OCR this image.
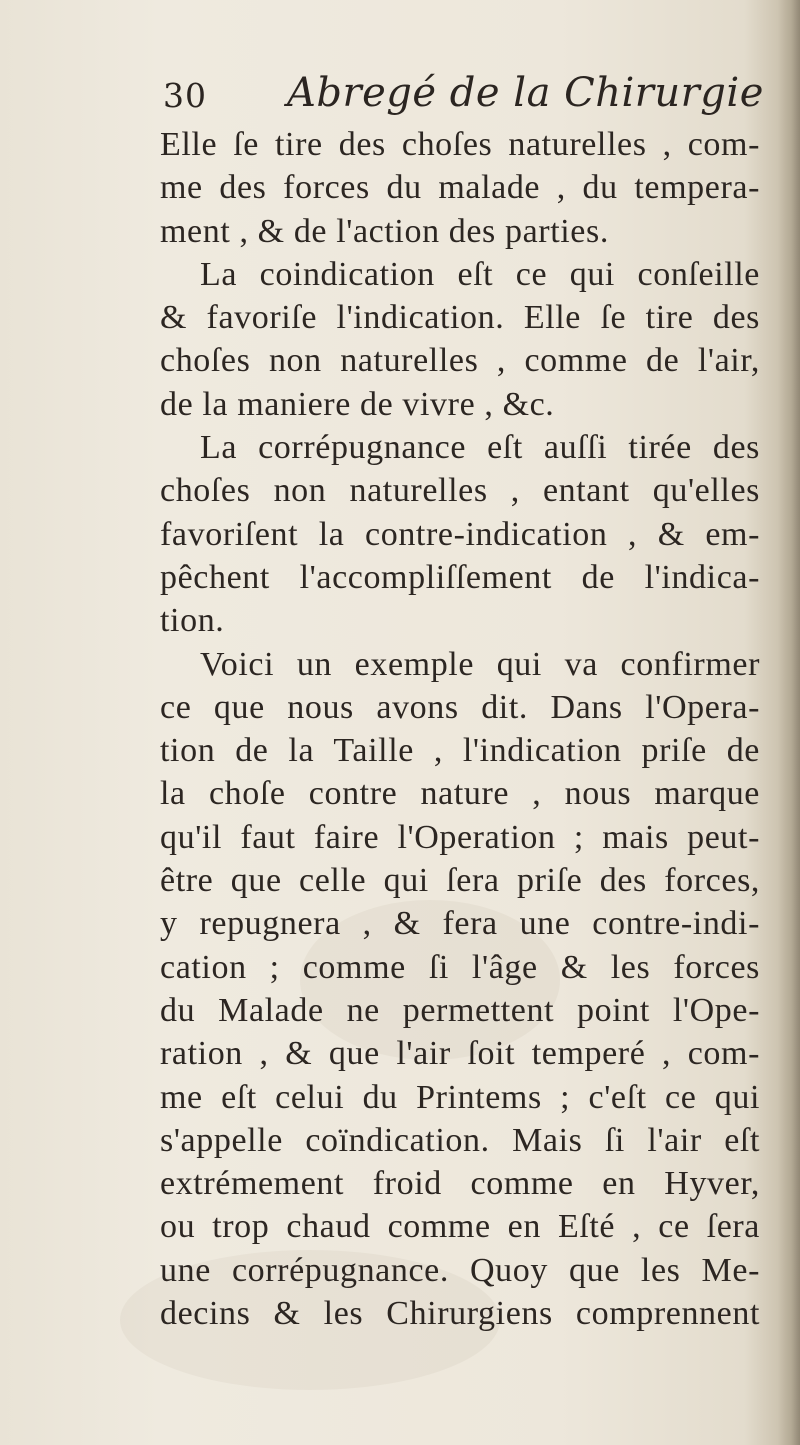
30 Abregé de la Chirurgie
Elle ſe tire des choſes naturelles , com-
me des forces du malade , du tempera-
ment , & de l'action des parties.
La coindication eſt ce qui conſeille
& favoriſe l'indication. Elle ſe tire des
choſes non naturelles , comme de l'air,
de la maniere de vivre , &c.
La corrépugnance eſt auſſi tirée des
choſes non naturelles , entant qu'elles
favoriſent la contre-indication , & em-
pêchent l'accompliſſement de l'indica-
tion.
Voici un exemple qui va confirmer
ce que nous avons dit. Dans l'Opera-
tion de la Taille , l'indication priſe de
la choſe contre nature , nous marque
qu'il faut faire l'Operation ; mais peut-
être que celle qui ſera priſe des forces,
y repugnera , & fera une contre-indi-
cation ; comme ſi l'âge & les forces
du Malade ne permettent point l'Ope-
ration , & que l'air ſoit temperé , com-
me eſt celui du Printems ; c'eſt ce qui
s'appelle coïndication. Mais ſi l'air eſt
extrémement froid comme en Hyver,
ou trop chaud comme en Eſté , ce ſera
une corrépugnance. Quoy que les Me-
decins & les Chirurgiens comprennent
